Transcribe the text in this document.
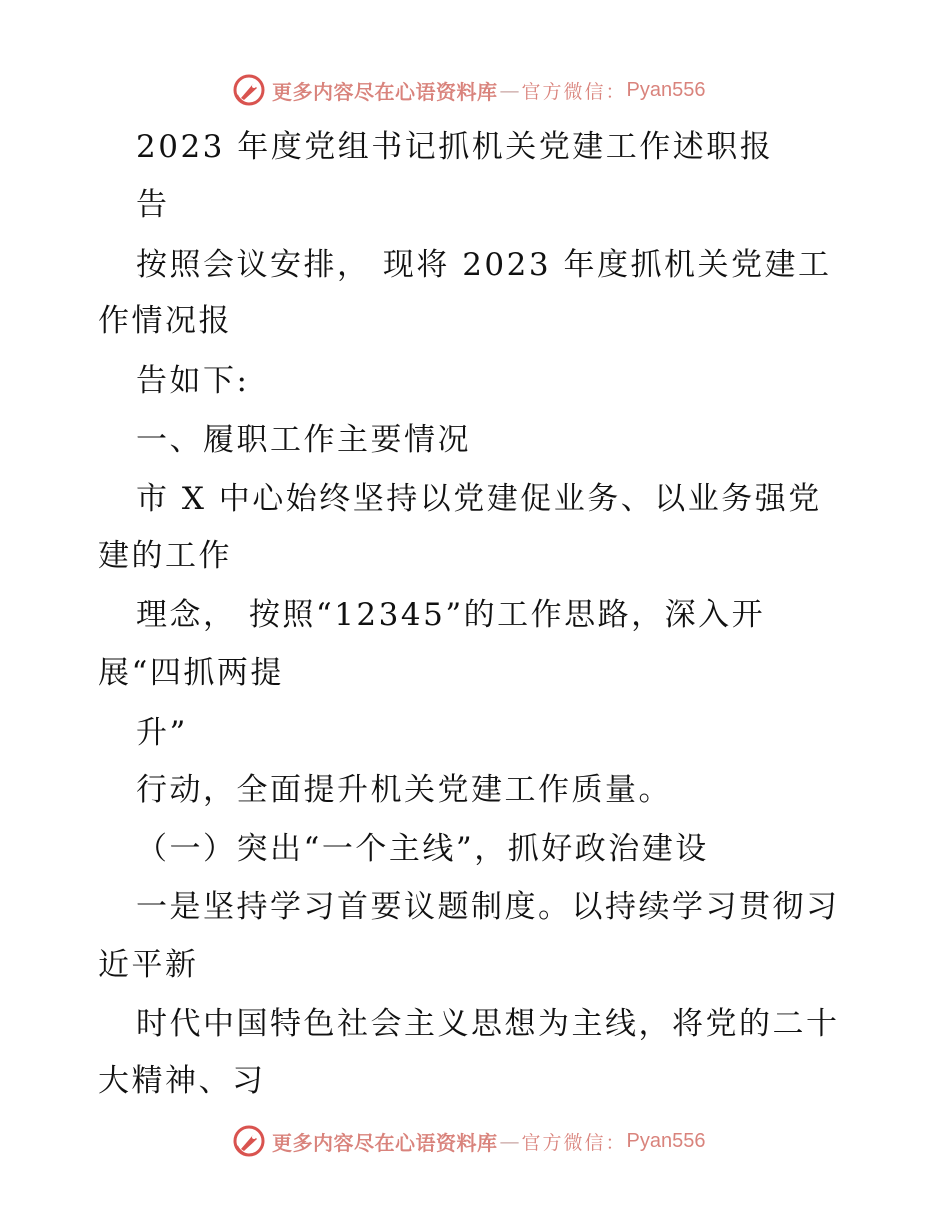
更多内容尽在心语资料库 — 官方微信： Pyan556
2023 年度党组书记抓机关党建工作述职报
告
按照会议安排， 现将 2023 年度抓机关党建工
作情况报
告如下:
一、履职工作主要情况
市 X 中心始终坚持以党建促业务、以业务强党
建的工作
理念， 按照“12345”的工作思路，深入开
展“四抓两提
升”
行动，全面提升机关党建工作质量。
（一）突出“一个主线”，抓好政治建设
一是坚持学习首要议题制度。以持续学习贯彻习
近平新
时代中国特色社会主义思想为主线，将党的二十
大精神、习
更多内容尽在心语资料库 — 官方微信： Pyan556
